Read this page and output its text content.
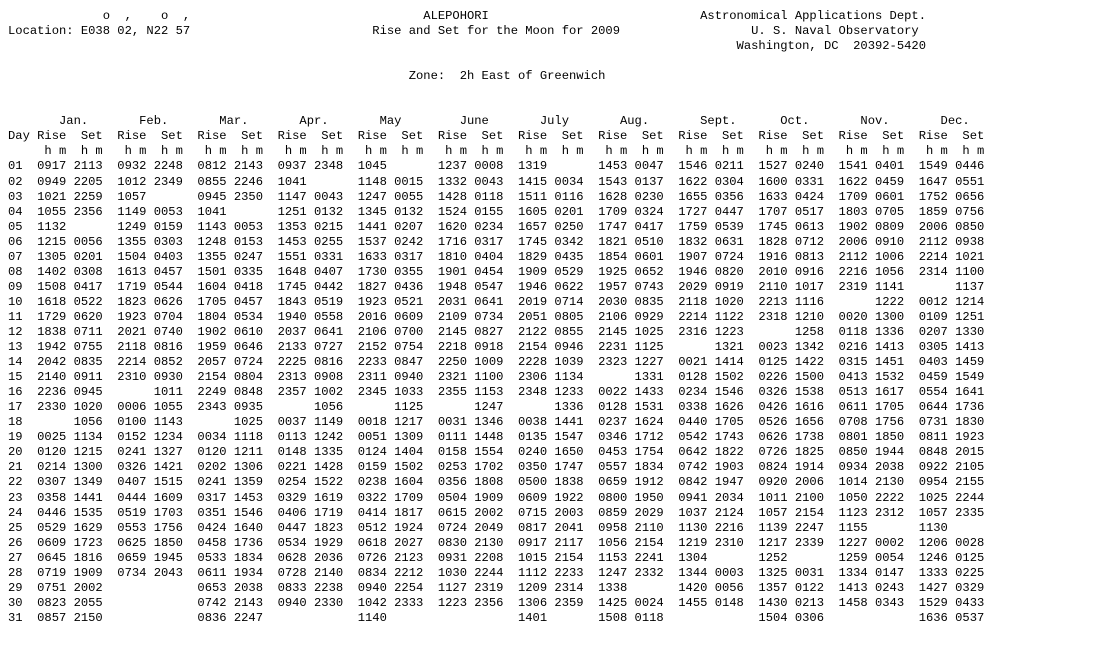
o  ,    o  ,                                ALEPOHORI                             Astronomical Applications Dept.
Location: E038 02, N22 57                         Rise and Set for the Moon for 2009                  U. S. Naval Observatory
Washington, DC  20392-5420

Zone:  2h East of Greenwich

Jan.       Feb.       Mar.       Apr.       May        June       July       Aug.       Sept.      Oct.       Nov.       Dec.
Day Rise  Set  Rise  Set  Rise  Set  Rise  Set  Rise  Set  Rise  Set  Rise  Set  Rise  Set  Rise  Set  Rise  Set  Rise  Set  Rise  Set
h m  h m   h m  h m   h m  h m   h m  h m   h m  h m   h m  h m   h m  h m   h m  h m   h m  h m   h m  h m   h m  h m   h m  h m
01  0917 2113  0932 2248  0812 2143  0937 2348  1045       1237 0008  1319       1453 0047  1546 0211  1527 0240  1541 0401  1549 0446
02  0949 2205  1012 2349  0855 2246  1041       1148 0015  1332 0043  1415 0034  1543 0137  1622 0304  1600 0331  1622 0459  1647 0551
03  1021 2259  1057       0945 2350  1147 0043  1247 0055  1428 0118  1511 0116  1628 0230  1655 0356  1633 0424  1709 0601  1752 0656
04  1055 2356  1149 0053  1041       1251 0132  1345 0132  1524 0155  1605 0201  1709 0324  1727 0447  1707 0517  1803 0705  1859 0756
05  1132       1249 0159  1143 0053  1353 0215  1441 0207  1620 0234  1657 0250  1747 0417  1759 0539  1745 0613  1902 0809  2006 0850
06  1215 0056  1355 0303  1248 0153  1453 0255  1537 0242  1716 0317  1745 0342  1821 0510  1832 0631  1828 0712  2006 0910  2112 0938
07  1305 0201  1504 0403  1355 0247  1551 0331  1633 0317  1810 0404  1829 0435  1854 0601  1907 0724  1916 0813  2112 1006  2214 1021
08  1402 0308  1613 0457  1501 0335  1648 0407  1730 0355  1901 0454  1909 0529  1925 0652  1946 0820  2010 0916  2216 1056  2314 1100
09  1508 0417  1719 0544  1604 0418  1745 0442  1827 0436  1948 0547  1946 0622  1957 0743  2029 0919  2110 1017  2319 1141       1137
10  1618 0522  1823 0626  1705 0457  1843 0519  1923 0521  2031 0641  2019 0714  2030 0835  2118 1020  2213 1116       1222  0012 1214
11  1729 0620  1923 0704  1804 0534  1940 0558  2016 0609  2109 0734  2051 0805  2106 0929  2214 1122  2318 1210  0020 1300  0109 1251
12  1838 0711  2021 0740  1902 0610  2037 0641  2106 0700  2145 0827  2122 0855  2145 1025  2316 1223       1258  0118 1336  0207 1330
13  1942 0755  2118 0816  1959 0646  2133 0727  2152 0754  2218 0918  2154 0946  2231 1125       1321  0023 1342  0216 1413  0305 1413
14  2042 0835  2214 0852  2057 0724  2225 0816  2233 0847  2250 1009  2228 1039  2323 1227  0021 1414  0125 1422  0315 1451  0403 1459
15  2140 0911  2310 0930  2154 0804  2313 0908  2311 0940  2321 1100  2306 1134       1331  0128 1502  0226 1500  0413 1532  0459 1549
16  2236 0945       1011  2249 0848  2357 1002  2345 1033  2355 1153  2348 1233  0022 1433  0234 1546  0326 1538  0513 1617  0554 1641
17  2330 1020  0006 1055  2343 0935       1056       1125       1247       1336  0128 1531  0338 1626  0426 1616  0611 1705  0644 1736
18       1056  0100 1143       1025  0037 1149  0018 1217  0031 1346  0038 1441  0237 1624  0440 1705  0526 1656  0708 1756  0731 1830
19  0025 1134  0152 1234  0034 1118  0113 1242  0051 1309  0111 1448  0135 1547  0346 1712  0542 1743  0626 1738  0801 1850  0811 1923
20  0120 1215  0241 1327  0120 1211  0148 1335  0124 1404  0158 1554  0240 1650  0453 1754  0642 1822  0726 1825  0850 1944  0848 2015
21  0214 1300  0326 1421  0202 1306  0221 1428  0159 1502  0253 1702  0350 1747  0557 1834  0742 1903  0824 1914  0934 2038  0922 2105
22  0307 1349  0407 1515  0241 1359  0254 1522  0238 1604  0356 1808  0500 1838  0659 1912  0842 1947  0920 2006  1014 2130  0954 2155
23  0358 1441  0444 1609  0317 1453  0329 1619  0322 1709  0504 1909  0609 1922  0800 1950  0941 2034  1011 2100  1050 2222  1025 2244
24  0446 1535  0519 1703  0351 1546  0406 1719  0414 1817  0615 2002  0715 2003  0859 2029  1037 2124  1057 2154  1123 2312  1057 2335
25  0529 1629  0553 1756  0424 1640  0447 1823  0512 1924  0724 2049  0817 2041  0958 2110  1130 2216  1139 2247  1155       1130
26  0609 1723  0625 1850  0458 1736  0534 1929  0618 2027  0830 2130  0917 2117  1056 2154  1219 2310  1217 2339  1227 0002  1206 0028
27  0645 1816  0659 1945  0533 1834  0628 2036  0726 2123  0931 2208  1015 2154  1153 2241  1304       1252       1259 0054  1246 0125
28  0719 1909  0734 2043  0611 1934  0728 2140  0834 2212  1030 2244  1112 2233  1247 2332  1344 0003  1325 0031  1334 0147  1333 0225
29  0751 2002             0653 2038  0833 2238  0940 2254  1127 2319  1209 2314  1338       1420 0056  1357 0122  1413 0243  1427 0329
30  0823 2055             0742 2143  0940 2330  1042 2333  1223 2356  1306 2359  1425 0024  1455 0148  1430 0213  1458 0343  1529 0433
31  0857 2150             0836 2247             1140                  1401       1508 0118             1504 0306             1636 0537
